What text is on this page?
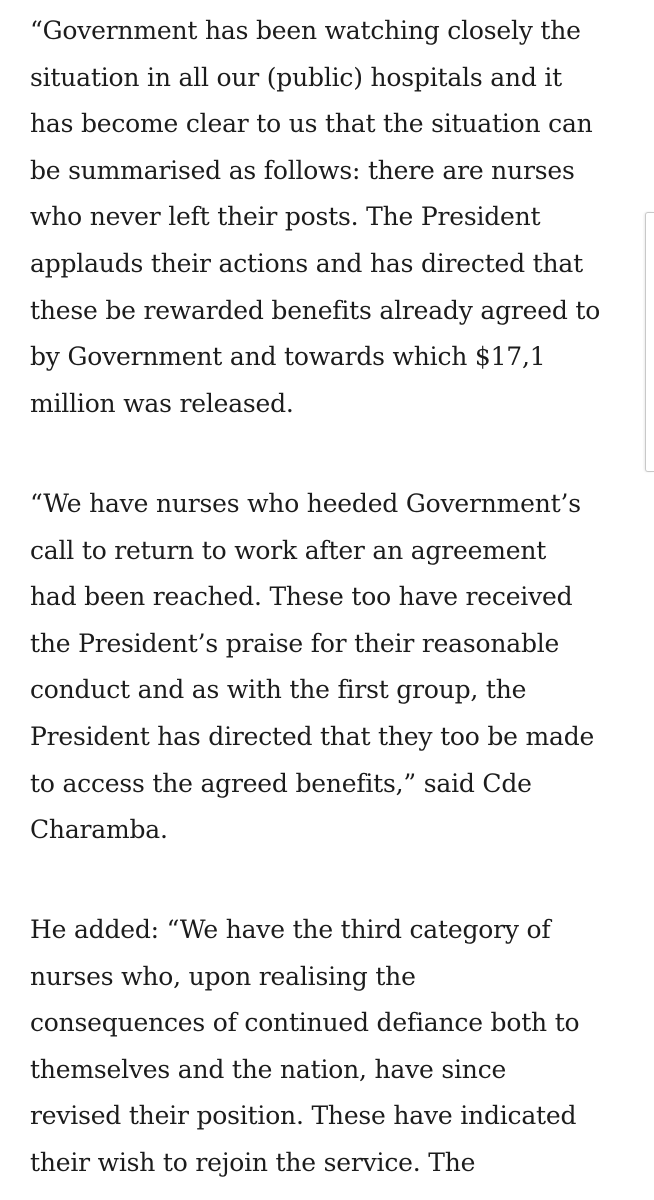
“Government has been watching closely the
situation in all our (public) hospitals and it
has become clear to us that the situation can
be summarised as follows: there are nurses
who never left their posts. The President
applauds their actions and has directed that
these be rewarded benefits already agreed to
by Government and towards which $17,1
million was released.

“We have nurses who heeded Government’s
call to return to work after an agreement
had been reached. These too have received
the President’s praise for their reasonable
conduct and as with the first group, the
President has directed that they too be made
to access the agreed benefits,” said Cde
Charamba.

He added: “We have the third category of
nurses who, upon realising the
consequences of continued defiance both to
themselves and the nation, have since
revised their position. These have indicated
their wish to rejoin the service. The
